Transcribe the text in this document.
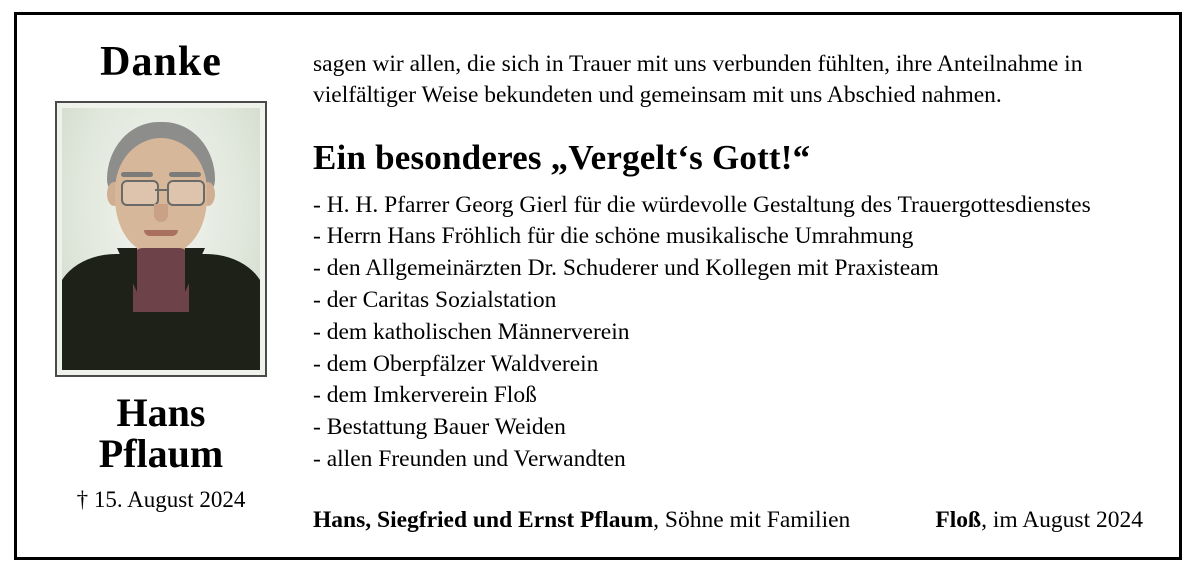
Danke
Hans
Pflaum
† 15. August 2024

sagen wir allen, die sich in Trauer mit uns verbunden fühlten, ihre Anteilnahme in vielfältiger Weise bekundeten und gemeinsam mit uns Abschied nahmen.

Ein besonderes „Vergelt‘s Gott!“
- H. H. Pfarrer Georg Gierl für die würdevolle Gestaltung des Trauergottesdienstes
- Herrn Hans Fröhlich für die schöne musikalische Umrahmung
- den Allgemeinärzten Dr. Schuderer und Kollegen mit Praxisteam
- der Caritas Sozialstation
- dem katholischen Männerverein
- dem Oberpfälzer Waldverein
- dem Imkerverein Floß
- Bestattung Bauer Weiden
- allen Freunden und Verwandten
Hans, Siegfried und Ernst Pflaum, Söhne mit Familien	Floß, im August 2024
